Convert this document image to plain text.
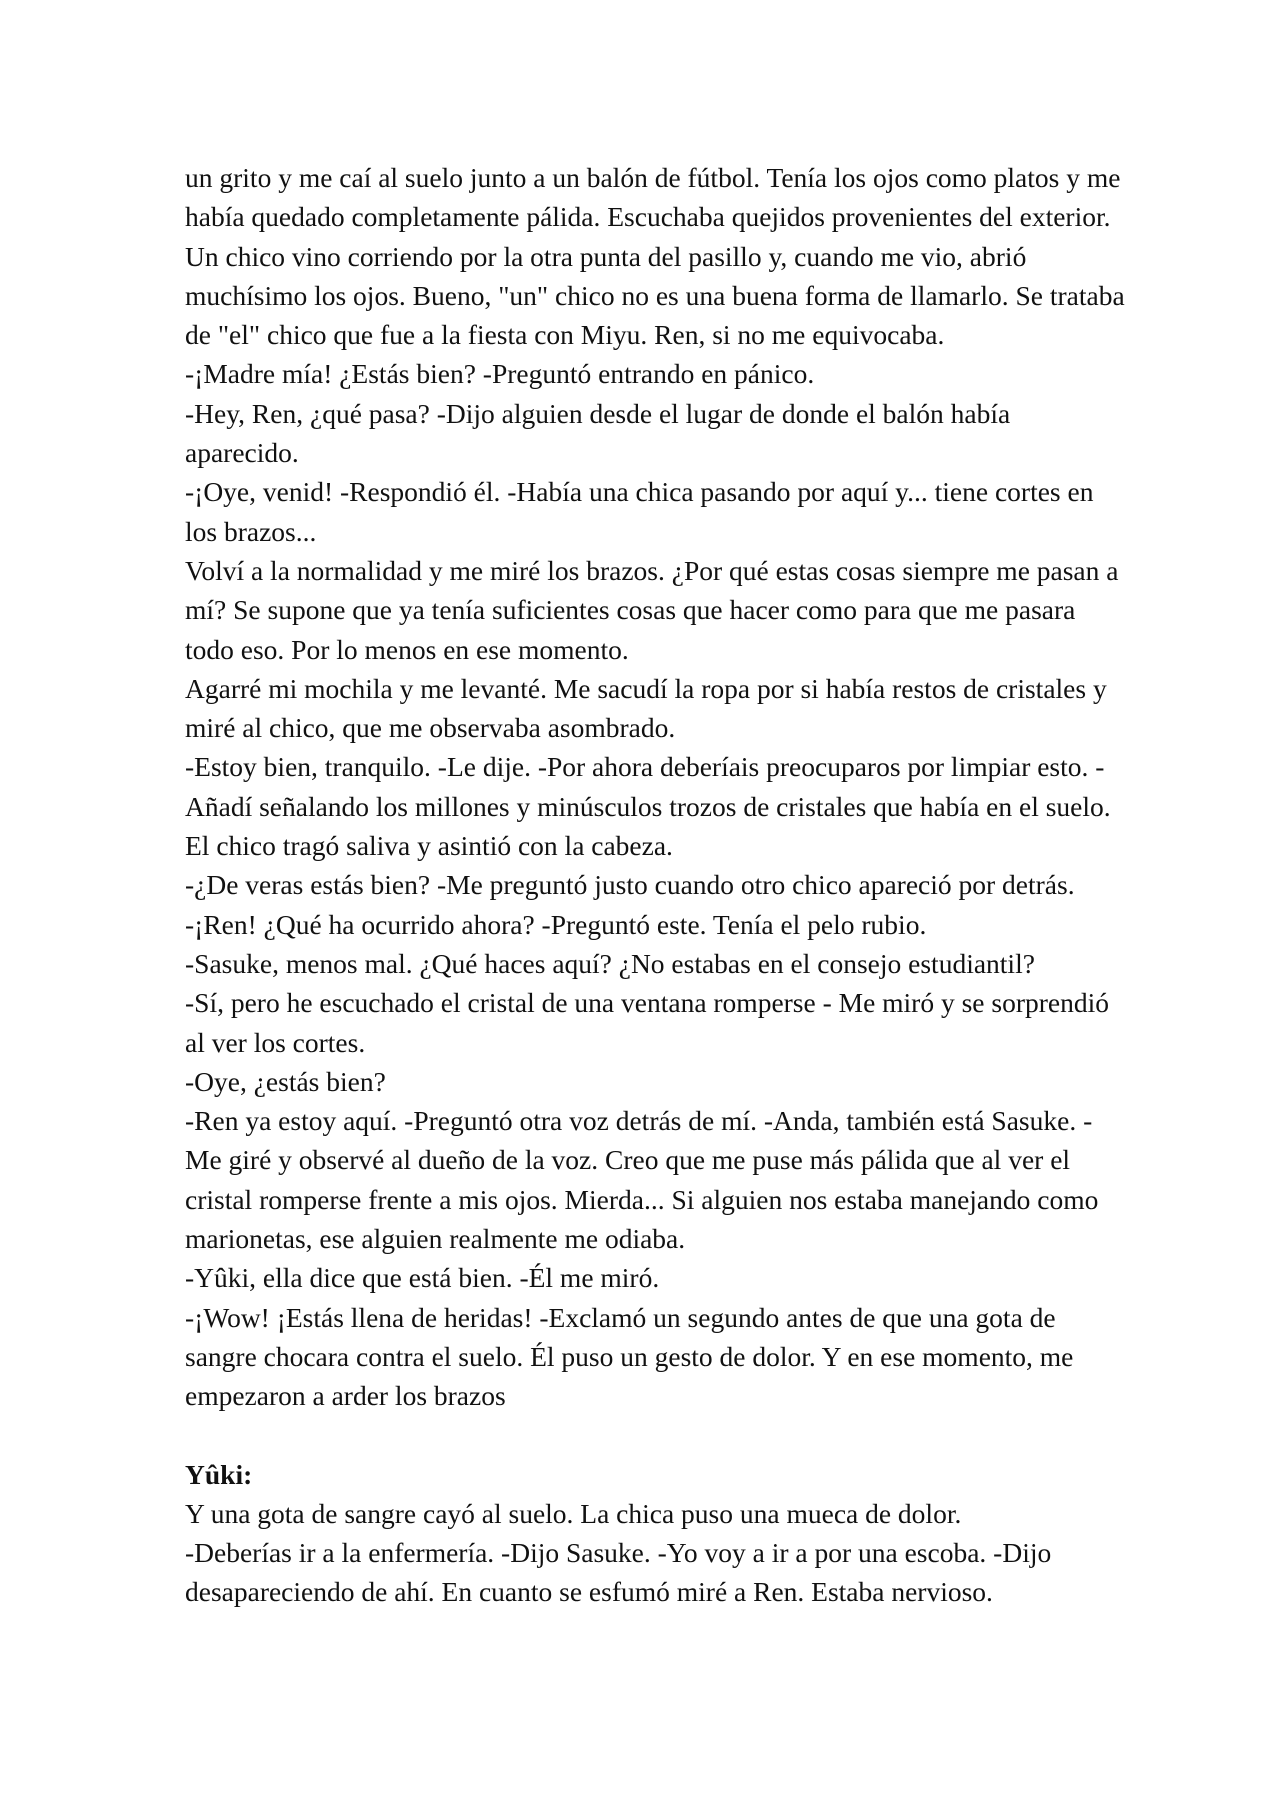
un grito y me caí al suelo junto a un balón de fútbol. Tenía los ojos como platos y me había quedado completamente pálida. Escuchaba quejidos provenientes del exterior.

Un chico vino corriendo por la otra punta del pasillo y, cuando me vio, abrió muchísimo los ojos. Bueno, "un" chico no es una buena forma de llamarlo. Se trataba de "el" chico que fue a la fiesta con Miyu. Ren, si no me equivocaba.

-¡Madre mía! ¿Estás bien? -Preguntó entrando en pánico.

-Hey, Ren, ¿qué pasa? -Dijo alguien desde el lugar de donde el balón había aparecido.

-¡Oye, venid! -Respondió él. -Había una chica pasando por aquí y... tiene cortes en los brazos...

Volví a la normalidad y me miré los brazos. ¿Por qué estas cosas siempre me pasan a mí? Se supone que ya tenía suficientes cosas que hacer como para que me pasara todo eso. Por lo menos en ese momento.

Agarré mi mochila y me levanté. Me sacudí la ropa por si había restos de cristales y miré al chico, que me observaba asombrado.

-Estoy bien, tranquilo. -Le dije. -Por ahora deberíais preocuparos por limpiar esto. -Añadí señalando los millones y minúsculos trozos de cristales que había en el suelo. El chico tragó saliva y asintió con la cabeza.

-¿De veras estás bien? -Me preguntó justo cuando otro chico apareció por detrás.

-¡Ren! ¿Qué ha ocurrido ahora? -Preguntó este. Tenía el pelo rubio.

-Sasuke, menos mal. ¿Qué haces aquí? ¿No estabas en el consejo estudiantil?

-Sí, pero he escuchado el cristal de una ventana romperse - Me miró y se sorprendió al ver los cortes.

-Oye, ¿estás bien?

-Ren ya estoy aquí. -Preguntó otra voz detrás de mí. -Anda, también está Sasuke. -Me giré y observé al dueño de la voz. Creo que me puse más pálida que al ver el cristal romperse frente a mis ojos. Mierda... Si alguien nos estaba manejando como marionetas, ese alguien realmente me odiaba.

-Yûki, ella dice que está bien. -Él me miró.

-¡Wow! ¡Estás llena de heridas! -Exclamó un segundo antes de que una gota de sangre chocara contra el suelo. Él puso un gesto de dolor. Y en ese momento, me empezaron a arder los brazos

Yûki:

Y una gota de sangre cayó al suelo. La chica puso una mueca de dolor.

-Deberías ir a la enfermería. -Dijo Sasuke. -Yo voy a ir a por una escoba. -Dijo desapareciendo de ahí. En cuanto se esfumó miré a Ren. Estaba nervioso.
